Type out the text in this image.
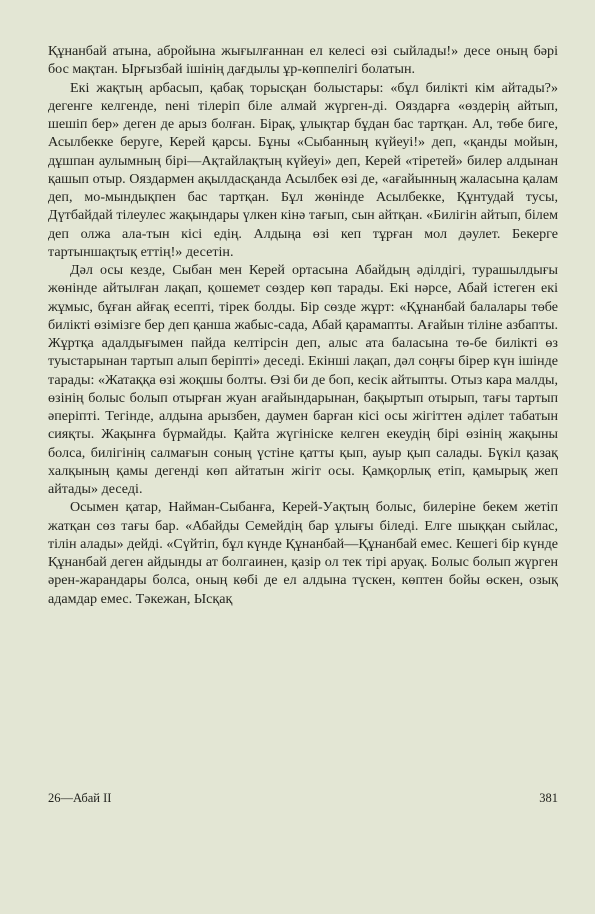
Құнанбай атына, абройына жығылғаннан ел келесі өзі сыйлады!» десе оның бәрі бос мақтан. Ырғызбай ішінің дағдылы ұр-көппелігі болатын.

Екі жақтың арбасып, қабақ торысқан болыстары: «бұл билікті кім айтады?» дегенге келгенде, neнi тілеріп біле алмай жүрген-ді. Ояздарға «өздерің айтып, шешіп бер» деген де арыз болған. Бірақ, ұлықтар бұдан бас тартқан. Ал, төбе биге, Асылбекке беруге, Керей қарсы. Бұны «Сыбанның күйеуі!» деп, «қанды мойын, дұшпан аулымның бірі—Ақтайлақтың күйеуі» деп, Керей «тіретей» билер алдынан қашып отыр. Ояздармен ақылдасқанда Асылбек өзі де, «ағайынның жаласына қалам деп, мо-мындықпен бас тартқан. Бұл жөнінде Асылбекке, Құнтудай тусы, Дүтбайдай тілеулес жақындары үлкен кінә тағып, сын айтқан. «Билігін айтып, білем деп олжа ала-тын кісі едің. Алдыңа өзі кеп тұрған мол дәулет. Бекерге тартыншақтық еттің!» десетін.

Дәл осы кезде, Сыбан мен Керей ортасына Абайдың әділдігі, турашылдығы жөнінде айтылған лақап, қошемет сөздер көп тарады. Екі нәрсе, Абай істеген екі жұмыс, бұған айғақ есепті, тірек болды. Бір сөзде жұрт: «Құнанбай балалары төбе билікті өзімізге бер деп қанша жабыс-сада, Абай қарамапты. Ағайын тіліне азбапты. Жұртқа адалдығымен пайда келтірсін деп, алыс ата баласына тө-бе билікті өз туыстарынан тартып алып беріпті» деседі. Екінші лақап, дәл соңғы бірер күн ішінде тарады: «Жатаққа өзі жоқшы болты. Өзі би де боп, кесік айтыпты. Отыз кара малды, өзінің болыс болып отырған жуан ағайындарынан, бақыртып отырып, тағы тартып әперіпті. Тегінде, алдына арызбен, даумен барған кісі осы жігіттен әділет табатын сияқты. Жақынға бүрмайды. Қайта жүгініске келген екеудің бірі өзінің жақыны болса, билігінің салмағын соның үстіне қатты қып, ауыр қып салады. Бүкіл қазақ халқының қамы дегенді көп айтатын жігіт осы. Қамқорлық етіп, қамырық жеп айтады» деседі.

Осымен қатар, Найман-Сыбанға, Керей-Уақтың болыс, билеріне бекем жетіп жатқан сөз тағы бар. «Абайды Семейдің бар ұлығы біледі. Елге шыққан сыйлас, тілін алады» дейді. «Сүйтіп, бұл күнде Құнанбай—Құнанбай емес. Кешегі бір күнде Құнанбай деген айдынды ат болгаинен, қазір ол тек тірі аруақ. Болыс болып жүрген әрен-жарандары болса, оның көбі де ел алдына түскен, көптен бойы өскен, озық адамдар емес. Тәкежан, Ысқақ

26—Абай II	381
